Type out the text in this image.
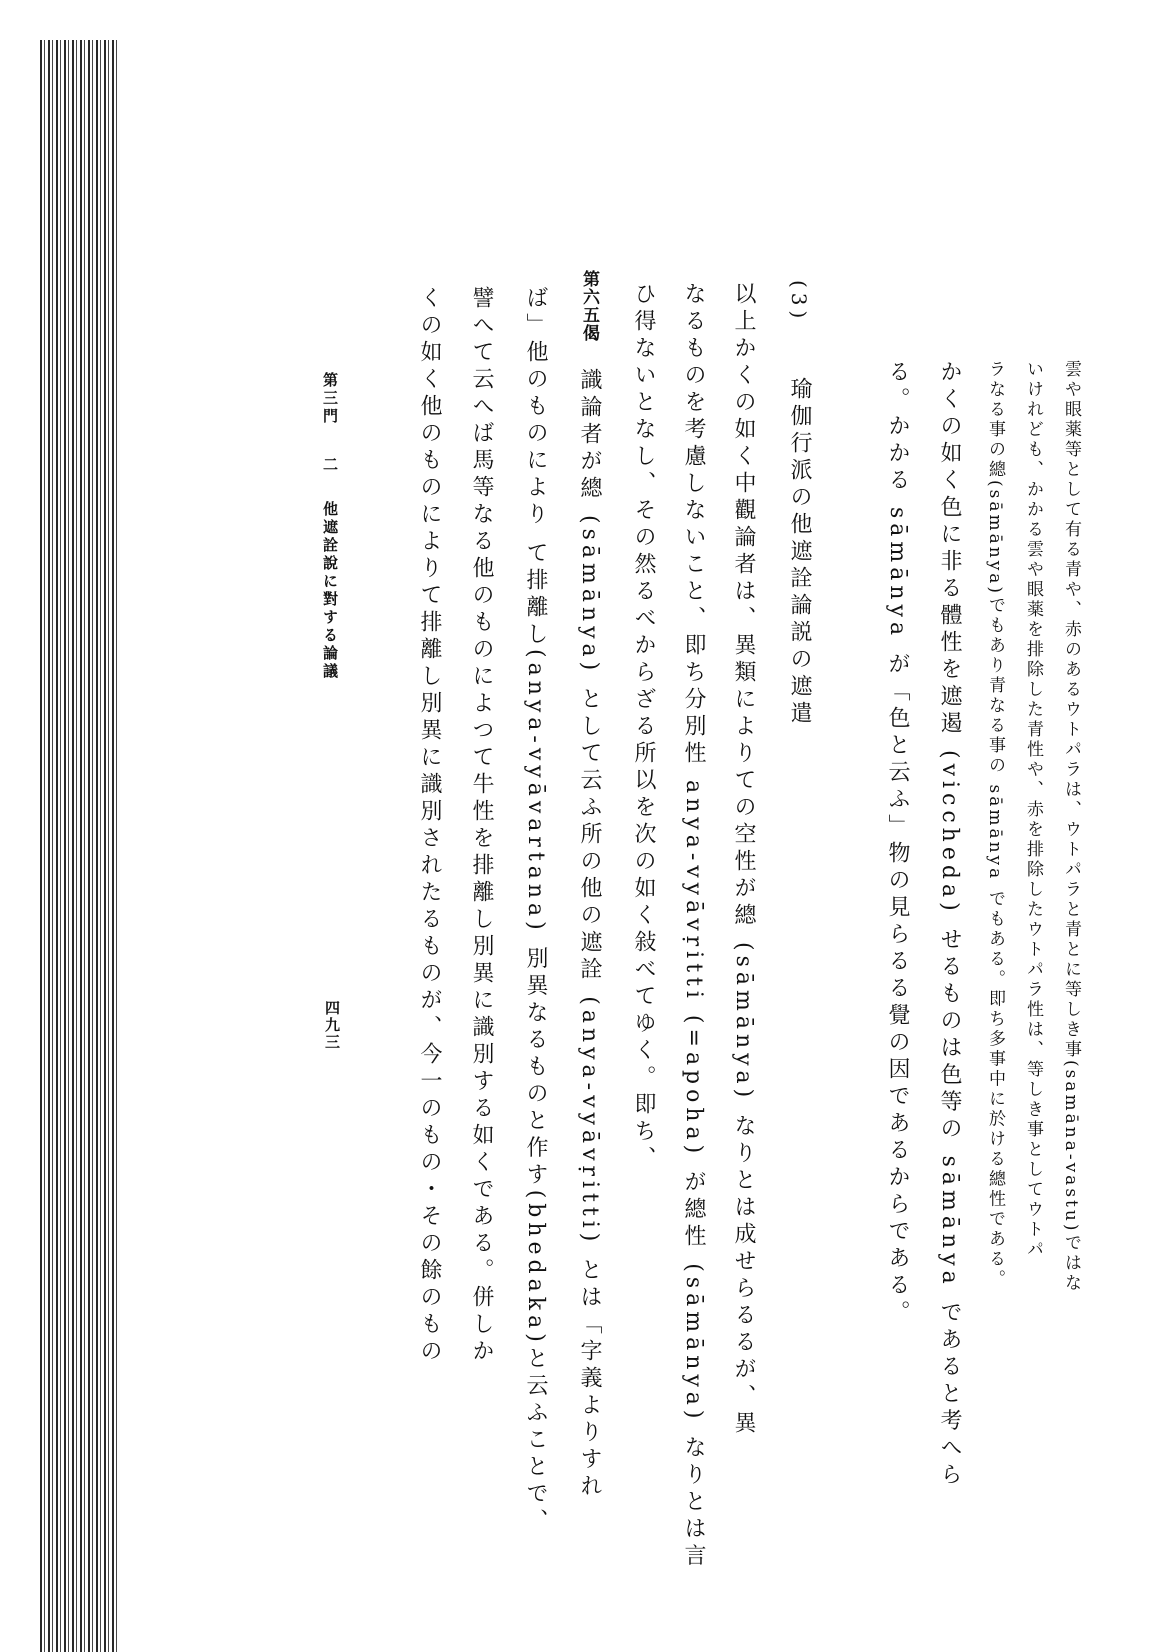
雲や眼薬等として有る青や、赤のあるウトパラは、ウトパラと青とに等しき事(samāna-vastu)ではな
いけれども、かかる雲や眼薬を排除した青性や、赤を排除したウトパラ性は、等しき事としてウトパ
ラなる事の總(sāmānya)でもあり青なる事の sāmānya でもある。即ち多事中に於ける總性である。
かくの如く色に非る體性を遮遏 (viccheda) せるものは色等の sāmānya であると考へら
る。かかる sāmānya が「色と云ふ」物の見らるる覺の因であるからである。
(3)  瑜伽行派の他遮詮論説の遮遣
以上かくの如く中觀論者は、異類によりての空性が總 (sāmānya) なりとは成せらるるが、異
なるものを考慮しないこと、即ち分別性 anya-vyāvṛitti (=apoha) が總性 (sāmānya) なりとは言
ひ得ないとなし、その然るべからざる所以を次の如く敍べてゆく。即ち、
第六五偈 識論者が總 (sāmānya) として云ふ所の他の遮詮 (anya-vyāvṛitti) とは「字義よりすれ
ば」他のものにより て排離し(anya-vyāvartana) 別異なるものと作す(bhedaka)と云ふことで、
譬へて云へば馬等なる他のものによつて牛性を排離し別異に識別する如くである。併しか
くの如く他のものによりて排離し別異に識別されたるものが、今一のもの・その餘のもの
第三門  二  他遮詮說に對する論議
四九三
